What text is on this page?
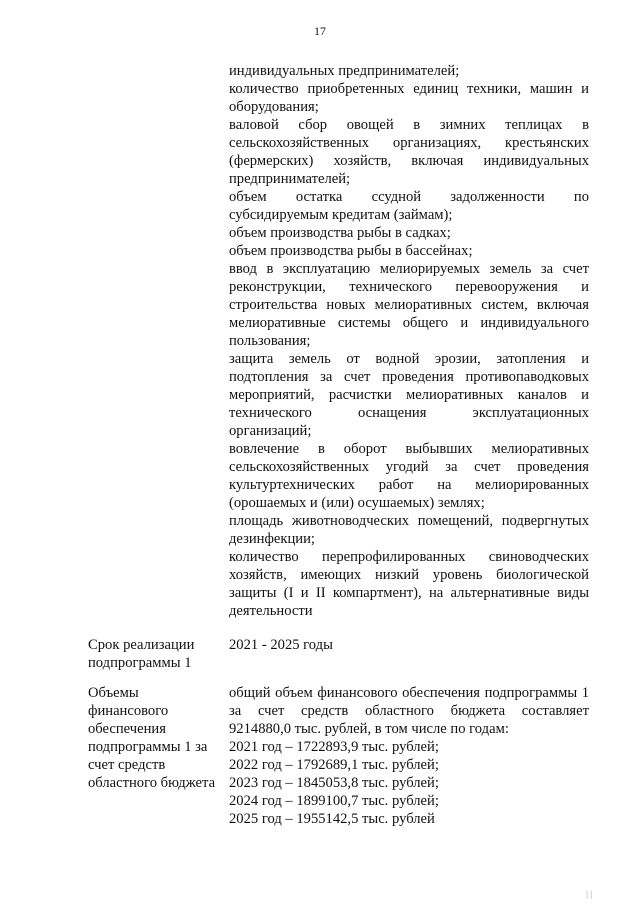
17

индивидуальных предпринимателей;

количество приобретенных единиц техники, машин и оборудования;

валовой сбор овощей в зимних теплицах в сельскохозяйственных организациях, крестьянских (фермерских) хозяйств, включая индивидуальных предпринимателей;

объем остатка ссудной задолженности по субсидируемым кредитам (займам);

объем производства рыбы в садках;

объем производства рыбы в бассейнах;

ввод в эксплуатацию мелиорируемых земель за счет реконструкции, технического перевооружения и строительства новых мелиоративных систем, включая мелиоративные системы общего и индивидуального пользования;

защита земель от водной эрозии, затопления и подтопления за счет проведения противопаводковых мероприятий, расчистки мелиоративных каналов и технического оснащения эксплуатационных организаций;

вовлечение в оборот выбывших мелиоративных сельскохозяйственных угодий за счет проведения культуртехнических работ на мелиорированных (орошаемых и (или) осушаемых) землях;

площадь животноводческих помещений, подвергнутых дезинфекции;

количество перепрофилированных свиноводческих хозяйств, имеющих низкий уровень биологической защиты (I и II компартмент), на альтернативные виды деятельности

Срок реализации подпрограммы 1

2021 - 2025 годы

Объемы финансового обеспечения подпрограммы 1 за счет средств областного бюджета

общий объем финансового обеспечения подпрограммы 1 за счет средств областного бюджета составляет 9214880,0 тыс. рублей, в том числе по годам:

2021 год – 1722893,9 тыс. рублей;

2022 год – 1792689,1 тыс. рублей;

2023 год – 1845053,8 тыс. рублей;

2024 год – 1899100,7 тыс. рублей;

2025 год – 1955142,5 тыс. рублей

| |
